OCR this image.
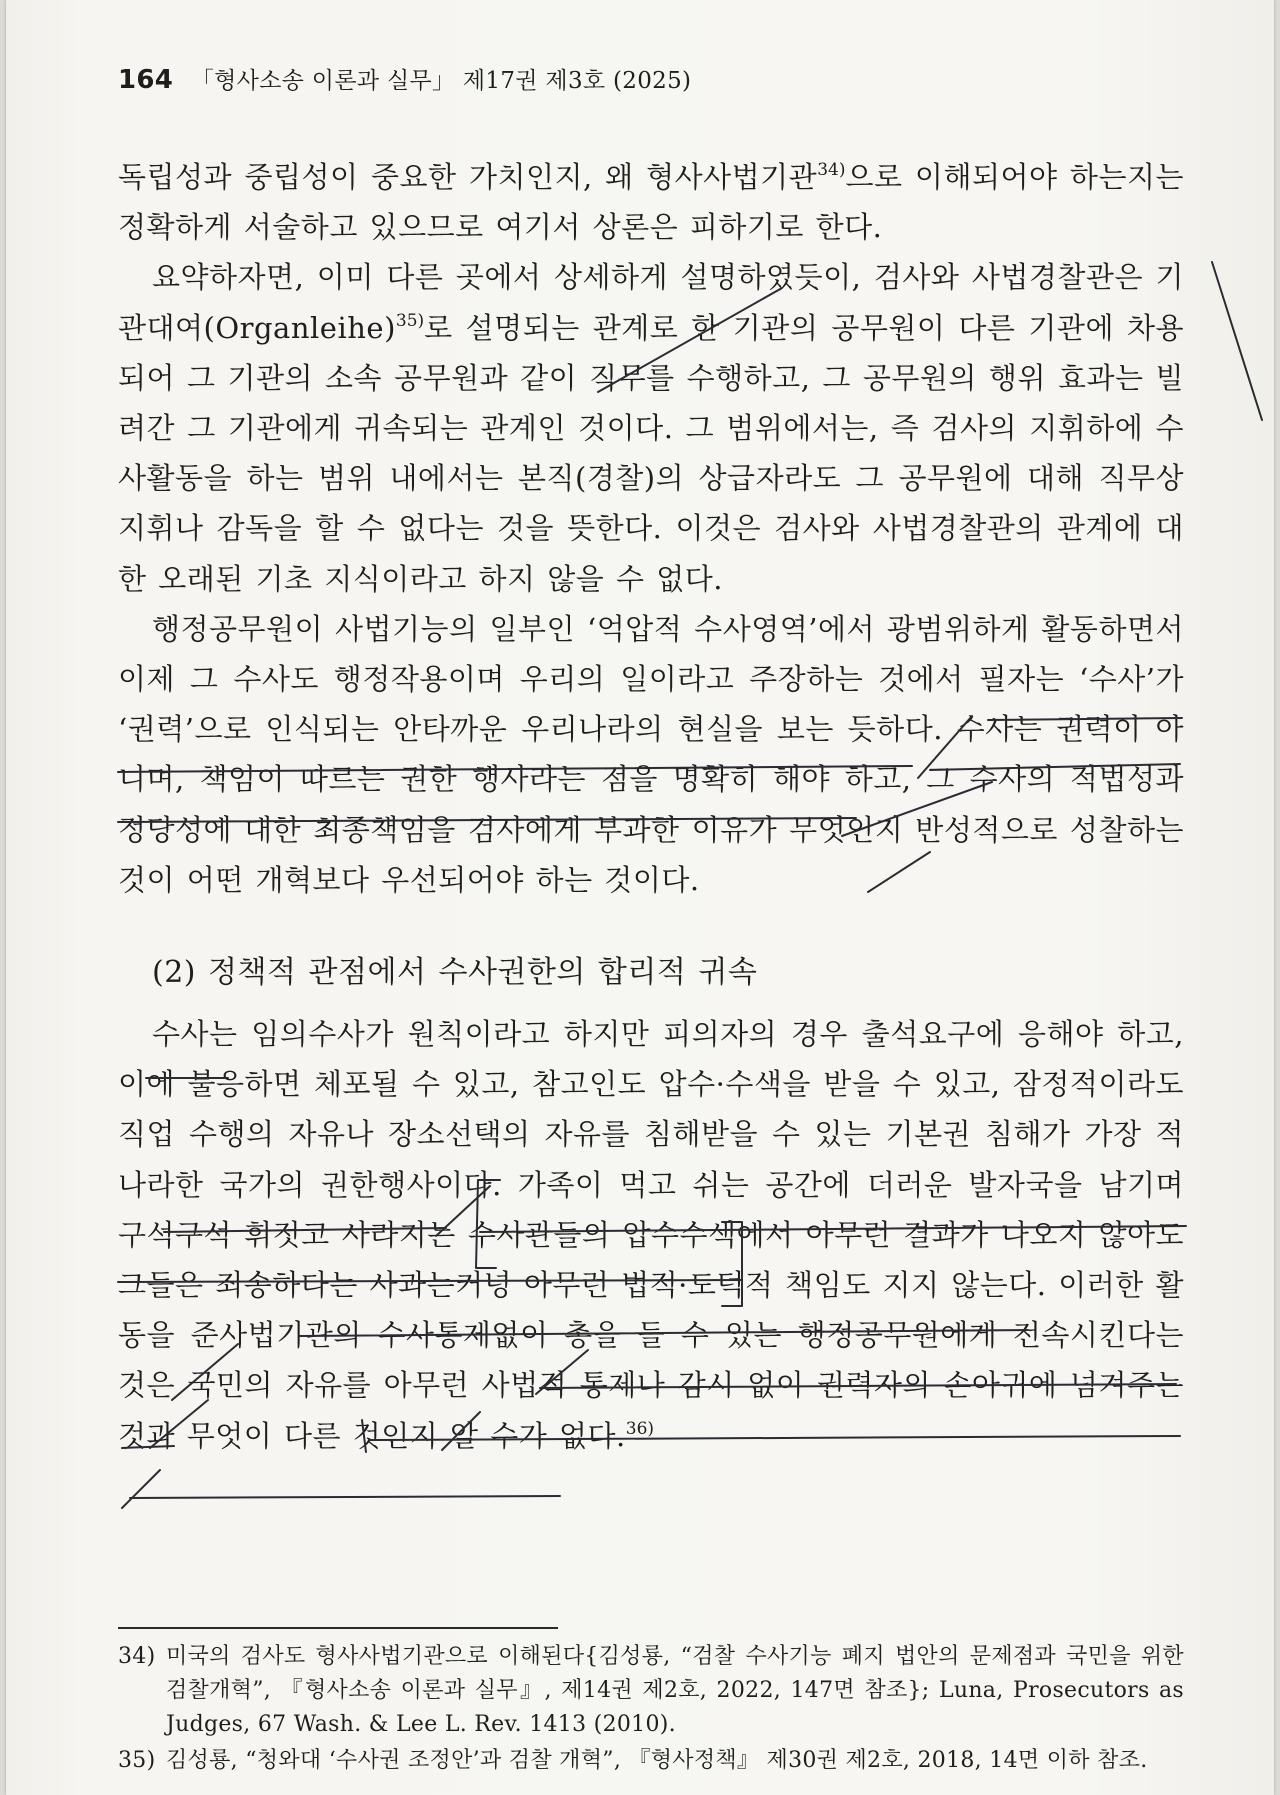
164 「형사소송 이론과 실무」 제17권 제3호 (2025)

독립성과 중립성이 중요한 가치인지, 왜 형사사법기관$^{34)}$으로 이해되어야 하는지는 정확하게 서술하고 있으므로 여기서 상론은 피하기로 한다.

요약하자면, 이미 다른 곳에서 상세하게 설명하였듯이, 검사와 사법경찰관은 기관대여(Organleihe)$^{35)}$로 설명되는 관계로 한 기관의 공무원이 다른 기관에 차용되어 그 기관의 소속 공무원과 같이 직무를 수행하고, 그 공무원의 행위 효과는 빌려간 그 기관에게 귀속되는 관계인 것이다. 그 범위에서는, 즉 검사의 지휘하에 수사활동을 하는 범위 내에서는 본직(경찰)의 상급자라도 그 공무원에 대해 직무상 지휘나 감독을 할 수 없다는 것을 뜻한다. 이것은 검사와 사법경찰관의 관계에 대한 오래된 기초 지식이라고 하지 않을 수 없다.

행정공무원이 사법기능의 일부인 ‘억압적 수사영역’에서 광범위하게 활동하면서 이제 그 수사도 행정작용이며 우리의 일이라고 주장하는 것에서 필자는 ‘수사’가 ‘권력’으로 인식되는 안타까운 우리나라의 현실을 보는 듯하다. 수사는 권력이 아니며, 책임이 따르는 권한 행사라는 점을 명확히 해야 하고, 그 수사의 적법성과 정당성에 대한 최종책임을 검사에게 부과한 이유가 무엇인지 반성적으로 성찰하는 것이 어떤 개혁보다 우선되어야 하는 것이다.

(2) 정책적 관점에서 수사권한의 합리적 귀속

수사는 임의수사가 원칙이라고 하지만 피의자의 경우 출석요구에 응해야 하고, 이에 불응하면 체포될 수 있고, 참고인도 압수·수색을 받을 수 있고, 잠정적이라도 직업 수행의 자유나 장소선택의 자유를 침해받을 수 있는 기본권 침해가 가장 적나라한 국가의 권한행사이다. 가족이 먹고 쉬는 공간에 더러운 발자국을 남기며 구석구석 휘젓고 사라지는 수사관들의 압수수색에서 아무런 결과가 나오지 않아도 그들은 죄송하다는 사과는커녕 아무런 법적·도덕적 책임도 지지 않는다. 이러한 활동을 준사법기관의 수사통제없이 총을 들 수 있는 행정공무원에게 전속시킨다는 것은 국민의 자유를 아무런 사법적 통제나 감시 없이 권력자의 손아귀에 넘겨주는 것과 무엇이 다른 것인지 알 수가 없다.$^{36)}$

34) 미국의 검사도 형사사법기관으로 이해된다{김성룡, “검찰 수사기능 폐지 법안의 문제점과 국민을 위한 검찰개혁”, 『형사소송 이론과 실무』, 제14권 제2호, 2022, 147면 참조}; Luna, Prosecutors as Judges, 67 Wash. & Lee L. Rev. 1413 (2010).
35) 김성룡, “청와대 ‘수사권 조정안’과 검찰 개혁”, 『형사정책』 제30권 제2호, 2018, 14면 이하 참조.
